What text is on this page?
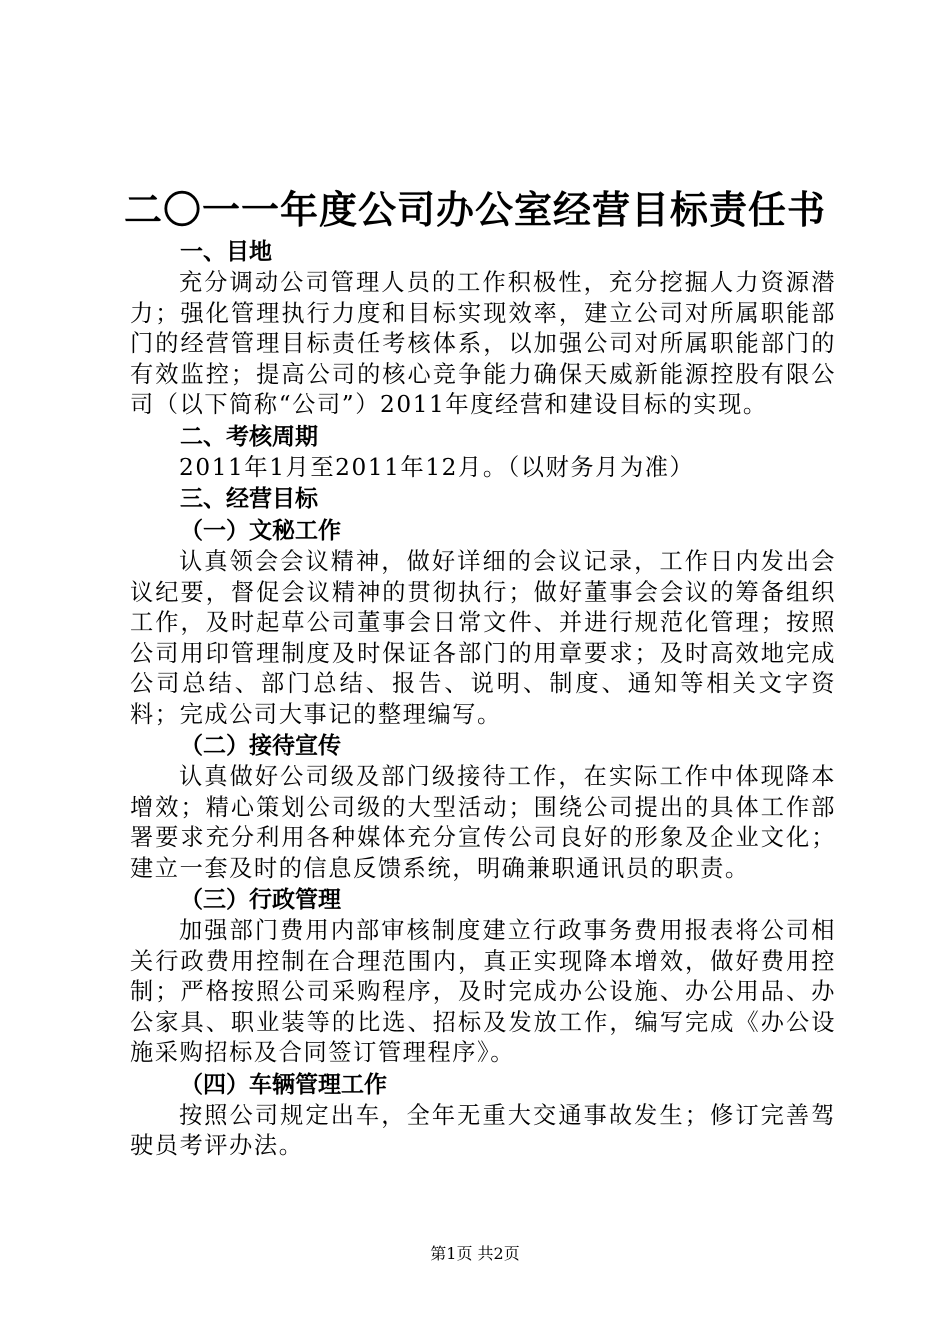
二〇一一年度公司办公室经营目标责任书
一、目地

充分调动公司管理人员的工作积极性，充分挖掘人力资源潜力；强化管理执行力度和目标实现效率，建立公司对所属职能部门的经营管理目标责任考核体系，以加强公司对所属职能部门的有效监控；提高公司的核心竞争能力确保天威新能源控股有限公司（以下简称“公司”）2011年度经营和建设目标的实现。

二、考核周期

2011年1月至2011年12月。（以财务月为准）

三、经营目标
（一）文秘工作

认真领会会议精神，做好详细的会议记录，工作日内发出会议纪要，督促会议精神的贯彻执行；做好董事会会议的筹备组织工作，及时起草公司董事会日常文件、并进行规范化管理；按照公司用印管理制度及时保证各部门的用章要求；及时高效地完成公司总结、部门总结、报告、说明、制度、通知等相关文字资料；完成公司大事记的整理编写。

（二）接待宣传

认真做好公司级及部门级接待工作，在实际工作中体现降本增效；精心策划公司级的大型活动；围绕公司提出的具体工作部署要求充分利用各种媒体充分宣传公司良好的形象及企业文化；建立一套及时的信息反馈系统，明确兼职通讯员的职责。

（三）行政管理

加强部门费用内部审核制度建立行政事务费用报表将公司相关行政费用控制在合理范围内，真正实现降本增效，做好费用控制；严格按照公司采购程序，及时完成办公设施、办公用品、办公家具、职业装等的比选、招标及发放工作，编写完成《办公设施采购招标及合同签订管理程序》。

（四）车辆管理工作

按照公司规定出车，全年无重大交通事故发生；修订完善驾驶员考评办法。

第1页 共2页
